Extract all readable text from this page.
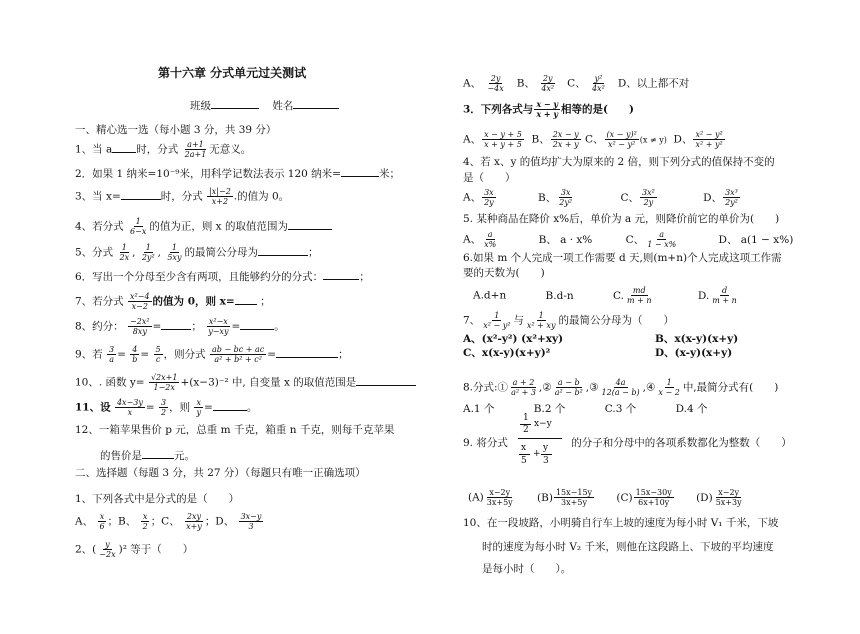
第十六章 分式单元过关测试
班级	姓名
一、精心选一选（每小题 3 分，共 39 分）
1、当 a 时，分式 $\frac{a+1}{2a+1}$ 无意义。
2．如果 1 纳米=10⁻⁹米，用科学记数法表示 120 纳米=	米；
3、当 x=	时，分式 $\frac{|x|-2}{x+2}$ .的值为 0。
4、若分式 $\frac{1}{6-x}$ 的值为正，则 x 的取值范围为
5、分式 $\frac{1}{2x}$ , $\frac{1}{\text{2y²}}$ , $\frac{1}{5xy}$ 的最简公分母为	；
6．写出一个分母至少含有两项，且能够约分的分式：	；
7、若分式 $\frac{\text{x²−4}}{x-2}$ 的值为 0，则 x= ；
8、约分： $\frac{\text{−2x²}}{8xy}$ =	； $\frac{\text{x²−x}}{y-xy}$ =	。
9、若 $\frac{3}{a} = \frac{4}{b} = \frac{5}{c}$ ，则分式 $\frac{ab - bc + ac}{\text{a² + b² + c²}}$ =	；
10、. 函数 $y= \frac{√2x+1}{1-2x} +(x-3)^{-2}$ 中, 自变量 x 的取值范围是
11、设 $\frac{4x-3y}{x} = \frac{3}{2}$ ，则 $\frac{x}{y}$ =	。
12、一箱苹果售价 p 元，总重 m 千克，箱重 n 千克，则每千克苹果
的售价是	元。
二、选择题（每题 3 分，共 27 分）（每题只有唯一正确选项）
1、下列各式中是分式的是（　　）
A、 $\frac{x}{6}$ ；B、 $\frac{x}{2}$ ；C、 $\frac{2xy}{x+y}$ ；D、 $\frac{3x-y}{3}$
2、( $\frac{y}{-2x} )^2$ 等于（　　）
A、 $\frac{2y}{-4x}$ B、 $\frac{2y}{\text{4x²}}$ C、 $\frac{\text{y²}}{\text{4x²}}$ D、以上都不对
3．下列各式与 $\frac{x - y}{x + y}$ 相等的是(　　)
A、 $\frac{x - y + 5}{x + y + 5}$ B、 $\frac{2x - y}{2x + y}$ C、 $\frac{\text{(x − y)²}}{\text{x² − y²}} (x \ne y)$ D、 $\frac{\text{x² − y²}}{\text{x² + y²}}$
4、若 x、y 的值均扩大为原来的 2 倍，则下列分式的值保持不变的
是（　　）
A、 $\frac{3x}{2y}$	B、 $\frac{3x}{\text{2y²}}$	C、 $\frac{\text{3x²}}{2y}$	D、 $\frac{\text{3x³}}{\text{2y²}}$
5. 某种商品在降价 x%后，单价为 a 元，则降价前它的单价为(　　)
A、 $\frac{a}{x\%}$	B、 a · x%	C、 $\frac{a}{1 - x\%}$	D、 a(1 − x%)
6.如果 m 个人完成一项工作需要 d 天,则(m+n)个人完成这项工作需
要的天数为(　　)
A.d+n	B.d-n	C. $\frac{md}{m + n}$	D. $\frac{d}{m + n}$
7、 $\frac{1}{\text{x² − y²}}$ 与 $\frac{1}{\text{x² + xy}}$ 的最简公分母为（　　）
A、(x²-y²) (x²+xy)	B、x(x-y)(x+y)
C、x(x-y)(x+y)²	D、(x-y)(x+y)
8.分式:① $\frac{a + 2}{\text{a² + 3}}$ ,② $\frac{a - b}{\text{a² − b²}}$ ,③ $\frac{4a}{12(a - b)}$ ,④ $\frac{1}{x - 2}$ 中,最简分式有(　　)
A.1 个	B.2 个	C.3 个	D.4 个
9. 将分式	的分子和分母中的各项系数都化为整数（　　）
1
2
x−y
x
5
+
y
3
$(A) \frac{x-2y}{3x+5y} (B) \frac{15x-15y}{3x+5y} (C) \frac{15x-30y}{6x+10y} (D) \frac{x-2y}{5x+3y}$
10、在一段坡路，小明骑自行车上坡的速度为每小时 V₁ 千米，下坡
时的速度为每小时 V₂ 千米，则他在这段路上、下坡的平均速度
是每小时（　　）。
